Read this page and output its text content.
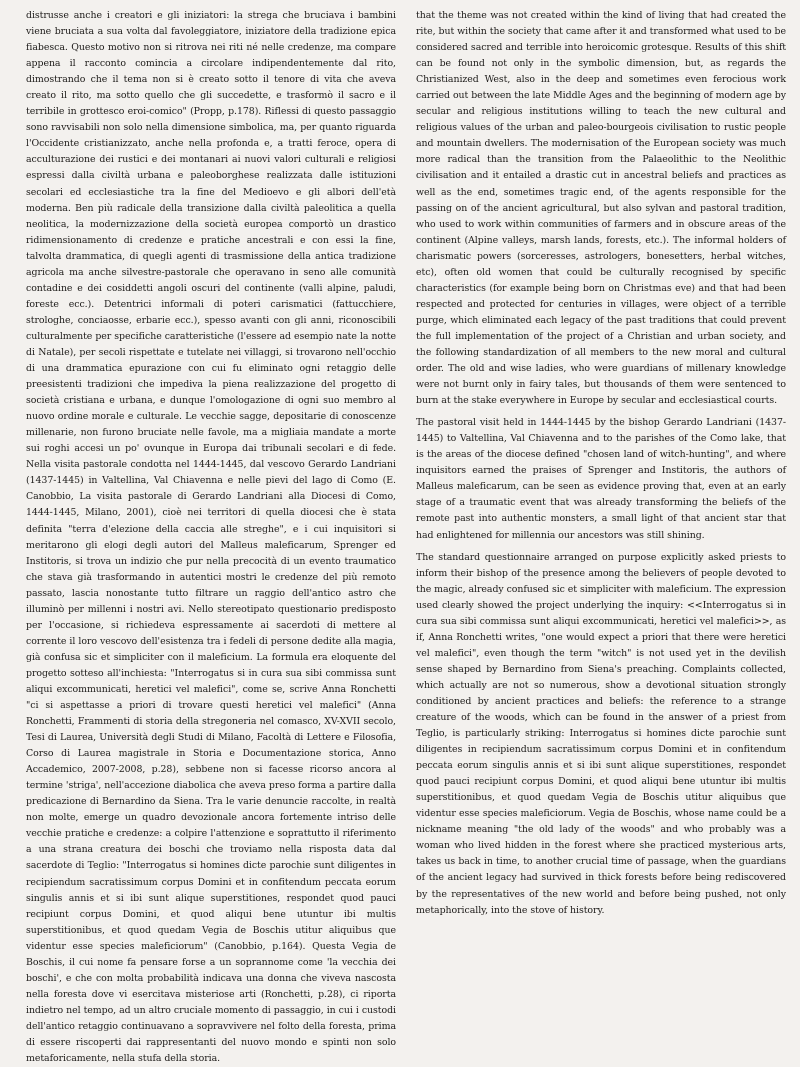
distrusse anche i creatori e gli iniziatori: la strega che bruciava i bambini viene bruciata a sua volta dal favoleggiatore, iniziatore della tradizione epica fiabesca. Questo motivo non si ritrova nei riti né nelle credenze, ma compare appena il racconto comincia a circolare indipendentemente dal rito, dimostrando che il tema non si è creato sotto il tenore di vita che aveva creato il rito, ma sotto quello che gli succedette, e trasformò il sacro e il terribile in grottesco eroi-comico" (Propp, p.178). Riflessi di questo passaggio sono ravvisabili non solo nella dimensione simbolica, ma, per quanto riguarda l'Occidente cristianizzato, anche nella profonda e, a tratti feroce, opera di acculturazione dei rustici e dei montanari ai nuovi valori culturali e religiosi espressi dalla civiltà urbana e paleoborghese realizzata dalle istituzioni secolari ed ecclesiastiche tra la fine del Medioevo e gli albori dell'età moderna. Ben più radicale della transizione dalla civiltà paleolitica a quella neolitica, la modernizzazione della società europea comportò un drastico ridimensionamento di credenze e pratiche ancestrali e con essi la fine, talvolta drammatica, di quegli agenti di trasmissione della antica tradizione agricola ma anche silvestre-pastorale che operavano in seno alle comunità contadine e dei cosiddetti angoli oscuri del continente (valli alpine, paludi, foreste ecc.). Detentrici informali di poteri carismatici (fattucchiere, strologhe, conciaosse, erbarie ecc.), spesso avanti con gli anni, riconoscibili culturalmente per specifiche caratteristiche (l'essere ad esempio nate la notte di Natale), per secoli rispettate e tutelate nei villaggi, si trovarono nell'occhio di una drammatica epurazione con cui fu eliminato ogni retaggio delle preesistenti tradizioni che impediva la piena realizzazione del progetto di società cristiana e urbana, e dunque l'omologazione di ogni suo membro al nuovo ordine morale e culturale. Le vecchie sagge, depositarie di conoscenze millenarie, non furono bruciate nelle favole, ma a migliaia mandate a morte sui roghi accesi un po' ovunque in Europa dai tribunali secolari e di fede. Nella visita pastorale condotta nel 1444-1445, dal vescovo Gerardo Landriani (1437-1445) in Valtellina, Val Chiavenna e nelle pievi del lago di Como (E. Canobbio, La visita pastorale di Gerardo Landriani alla Diocesi di Como, 1444-1445, Milano, 2001), cioè nei territori di quella diocesi che è stata definita "terra d'elezione della caccia alle streghe", e i cui inquisitori si meritarono gli elogi degli autori del Malleus maleficarum, Sprenger ed Institoris, si trova un indizio che pur nella precocità di un evento traumatico che stava già trasformando in autentici mostri le credenze del più remoto passato, lascia nonostante tutto filtrare un raggio dell'antico astro che illuminò per millenni i nostri avi. Nello stereotipato questionario predisposto per l'occasione, si richiedeva espressamente ai sacerdoti di mettere al corrente il loro vescovo dell'esistenza tra i fedeli di persone dedite alla magia, già confusa sic et simpliciter con il maleficium. La formula era eloquente del progetto sotteso all'inchiesta: "Interrogatus si in cura sua sibi commissa sunt aliqui excommunicati, heretici vel malefici", come se, scrive Anna Ronchetti "ci si aspettasse a priori di trovare questi heretici vel malefici" (Anna Ronchetti, Frammenti di storia della stregoneria nel comasco, XV-XVII secolo, Tesi di Laurea, Università degli Studi di Milano, Facoltà di Lettere e Filosofia, Corso di Laurea magistrale in Storia e Documentazione storica, Anno Accademico, 2007-2008, p.28), sebbene non si facesse ricorso ancora al termine 'striga', nell'accezione diabolica che aveva preso forma a partire dalla predicazione di Bernardino da Siena. Tra le varie denuncie raccolte, in realtà non molte, emerge un quadro devozionale ancora fortemente intriso delle vecchie pratiche e credenze: a colpire l'attenzione e soprattutto il riferimento a una strana creatura dei boschi che troviamo nella risposta data dal sacerdote di Teglio: "Interrogatus si homines dicte parochie sunt diligentes in recipiendum sacratissimum corpus Domini et in confitendum peccata eorum singulis annis et si ibi sunt alique superstitiones, respondet quod pauci recipiunt corpus Domini, et quod aliqui bene utuntur ibi multis superstitionibus, et quod quedam Vegia de Boschis utitur aliquibus que videntur esse species maleficiorum" (Canobbio, p.164). Questa Vegia de Boschis, il cui nome fa pensare forse a un soprannome come 'la vecchia dei boschi', e che con molta probabilità indicava una donna che viveva nascosta nella foresta dove vi esercitava misteriose arti (Ronchetti, p.28), ci riporta indietro nel tempo, ad un altro cruciale momento di passaggio, in cui i custodi dell'antico retaggio continuavano a sopravvivere nel folto della foresta, prima di essere riscoperti dai rappresentanti del nuovo mondo e spinti non solo metaforicamente, nella stufa della storia.

that the theme was not created within the kind of living that had created the rite, but within the society that came after it and transformed what used to be considered sacred and terrible into heroicomic grotesque. Results of this shift can be found not only in the symbolic dimension, but, as regards the Christianized West, also in the deep and sometimes even ferocious work carried out between the late Middle Ages and the beginning of modern age by secular and religious institutions willing to teach the new cultural and religious values of the urban and paleo-bourgeois civilisation to rustic people and mountain dwellers. The modernisation of the European society was much more radical than the transition from the Palaeolithic to the Neolithic civilisation and it entailed a drastic cut in ancestral beliefs and practices as well as the end, sometimes tragic end, of the agents responsible for the passing on of the ancient agricultural, but also sylvan and pastoral tradition, who used to work within communities of farmers and in obscure areas of the continent (Alpine valleys, marsh lands, forests, etc.). The informal holders of charismatic powers (sorceresses, astrologers, bonesetters, herbal witches, etc), often old women that could be culturally recognised by specific characteristics (for example being born on Christmas eve) and that had been respected and protected for centuries in villages, were object of a terrible purge, which eliminated each legacy of the past traditions that could prevent the full implementation of the project of a Christian and urban society, and the following standardization of all members to the new moral and cultural order. The old and wise ladies, who were guardians of millenary knowledge were not burnt only in fairy tales, but thousands of them were sentenced to burn at the stake everywhere in Europe by secular and ecclesiastical courts.

The pastoral visit held in 1444-1445 by the bishop Gerardo Landriani (1437-1445) to Valtellina, Val Chiavenna and to the parishes of the Como lake, that is the areas of the diocese defined "chosen land of witch-hunting", and where inquisitors earned the praises of Sprenger and Institoris, the authors of Malleus maleficarum, can be seen as evidence proving that, even at an early stage of a traumatic event that was already transforming the beliefs of the remote past into authentic monsters, a small light of that ancient star that had enlightened for millennia our ancestors was still shining.

The standard questionnaire arranged on purpose explicitly asked priests to inform their bishop of the presence among the believers of people devoted to the magic, already confused sic et simpliciter with maleficium. The expression used clearly showed the project underlying the inquiry: <<Interrogatus si in cura sua sibi commissa sunt aliqui excommunicati, heretici vel malefici>>, as if, Anna Ronchetti writes, "one would expect a priori that there were heretici vel malefici", even though the term "witch" is not used yet in the devilish sense shaped by Bernardino from Siena's preaching. Complaints collected, which actually are not so numerous, show a devotional situation strongly conditioned by ancient practices and beliefs: the reference to a strange creature of the woods, which can be found in the answer of a priest from Teglio, is particularly striking: Interrogatus si homines dicte parochie sunt diligentes in recipiendum sacratissimum corpus Domini et in confitendum peccata eorum singulis annis et si ibi sunt alique superstitiones, respondet quod pauci recipiunt corpus Domini, et quod aliqui bene utuntur ibi multis superstitionibus, et quod quedam Vegia de Boschis utitur aliquibus que videntur esse species maleficiorum. Vegia de Boschis, whose name could be a nickname meaning "the old lady of the woods" and who probably was a woman who lived hidden in the forest where she practiced mysterious arts, takes us back in time, to another crucial time of passage, when the guardians of the ancient legacy had survived in thick forests before being rediscovered by the representatives of the new world and before being pushed, not only metaphorically, into the stove of history.
